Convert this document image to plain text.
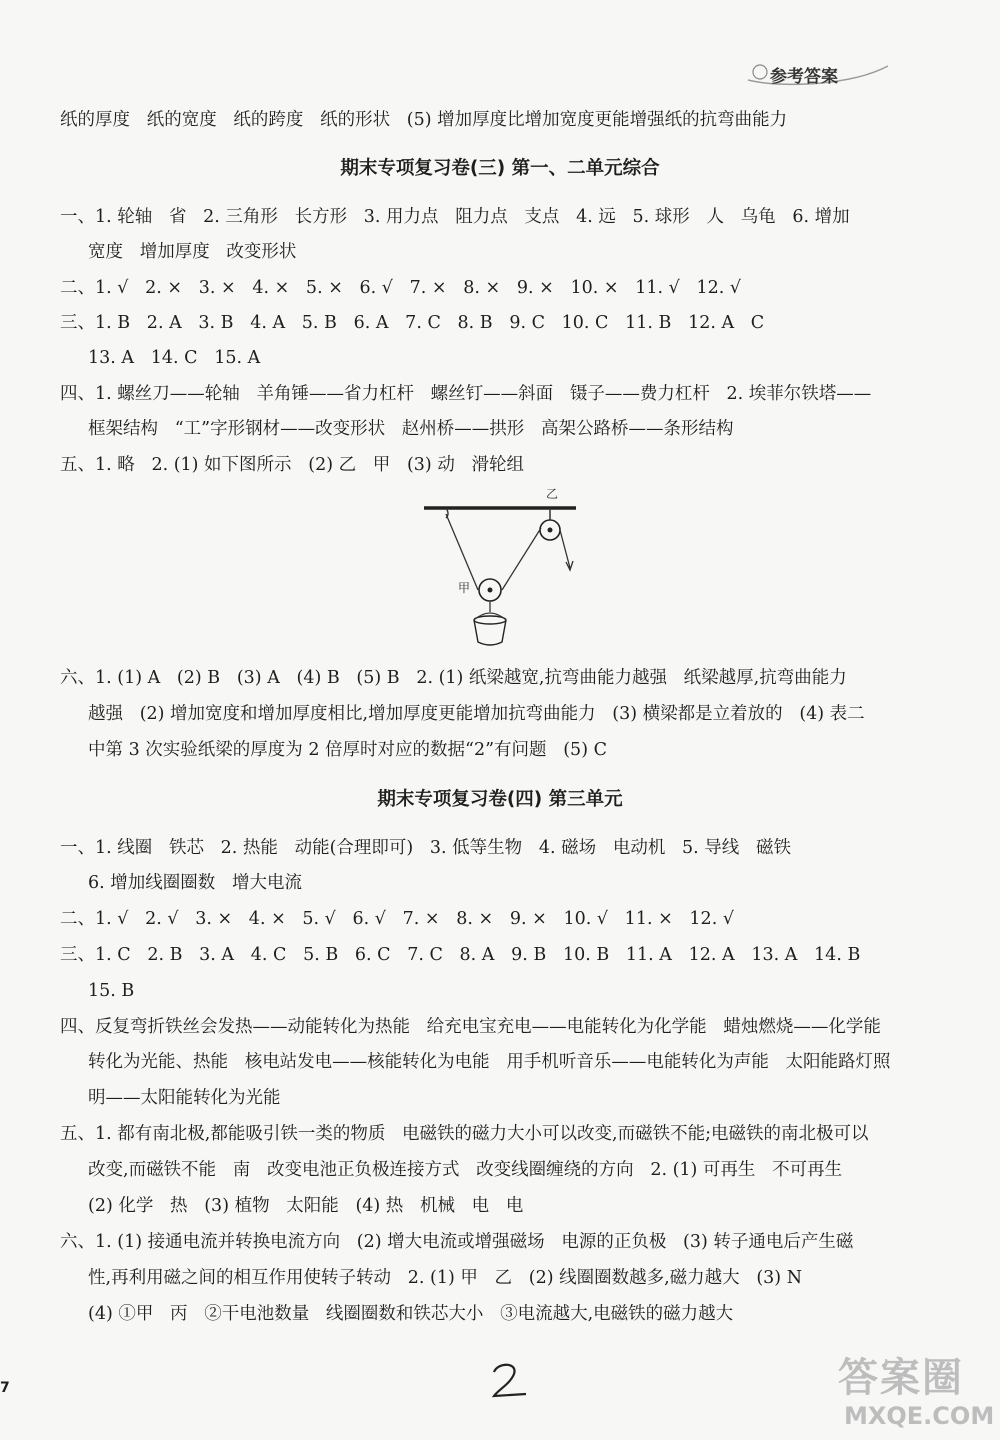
参考答案
纸的厚度   纸的宽度   纸的跨度   纸的形状   (5) 增加厚度比增加宽度更能增强纸的抗弯曲能力
期末专项复习卷(三) 第一、二单元综合
一、1. 轮轴   省   2. 三角形   长方形   3. 用力点   阻力点   支点   4. 远   5. 球形   人   乌龟   6. 增加
宽度   增加厚度   改变形状
二、1. √   2. ×   3. ×   4. ×   5. ×   6. √   7. ×   8. ×   9. ×   10. ×   11. √   12. √
三、1. B   2. A   3. B   4. A   5. B   6. A   7. C   8. B   9. C   10. C   11. B   12. A   C
13. A   14. C   15. A
四、1. 螺丝刀——轮轴   羊角锤——省力杠杆   螺丝钉——斜面   镊子——费力杠杆   2. 埃菲尔铁塔——
框架结构   “工”字形钢材——改变形状   赵州桥——拱形   高架公路桥——条形结构
五、1. 略   2. (1) 如下图所示   (2) 乙   甲   (3) 动   滑轮组
乙
甲
六、1. (1) A   (2) B   (3) A   (4) B   (5) B   2. (1) 纸梁越宽,抗弯曲能力越强   纸梁越厚,抗弯曲能力
越强   (2) 增加宽度和增加厚度相比,增加厚度更能增加抗弯曲能力   (3) 横梁都是立着放的   (4) 表二
中第 3 次实验纸梁的厚度为 2 倍厚时对应的数据“2”有问题   (5) C
期末专项复习卷(四) 第三单元
一、1. 线圈   铁芯   2. 热能   动能(合理即可)   3. 低等生物   4. 磁场   电动机   5. 导线   磁铁
6. 增加线圈圈数   增大电流
二、1. √   2. √   3. ×   4. ×   5. √   6. √   7. ×   8. ×   9. ×   10. √   11. ×   12. √
三、1. C   2. B   3. A   4. C   5. B   6. C   7. C   8. A   9. B   10. B   11. A   12. A   13. A   14. B
15. B
四、反复弯折铁丝会发热——动能转化为热能   给充电宝充电——电能转化为化学能   蜡烛燃烧——化学能
转化为光能、热能   核电站发电——核能转化为电能   用手机听音乐——电能转化为声能   太阳能路灯照
明——太阳能转化为光能
五、1. 都有南北极,都能吸引铁一类的物质   电磁铁的磁力大小可以改变,而磁铁不能;电磁铁的南北极可以
改变,而磁铁不能   南   改变电池正负极连接方式   改变线圈缠绕的方向   2. (1) 可再生   不可再生
(2) 化学   热   (3) 植物   太阳能   (4) 热   机械   电   电
六、1. (1) 接通电流并转换电流方向   (2) 增大电流或增强磁场   电源的正负极   (3) 转子通电后产生磁
性,再利用磁之间的相互作用使转子转动   2. (1) 甲   乙   (2) 线圈圈数越多,磁力越大   (3) N
(4) ①甲   丙   ②干电池数量   线圈圈数和铁芯大小   ③电流越大,电磁铁的磁力越大
7	答案圈
MXQE.COM
